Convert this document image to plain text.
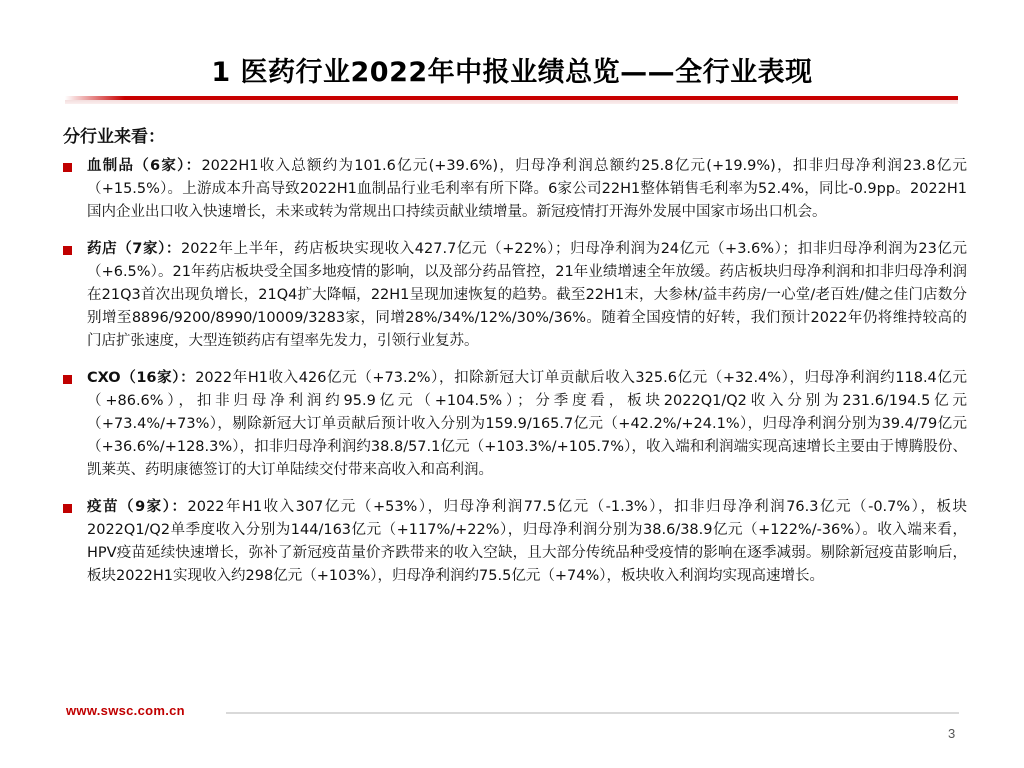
1 医药行业2022年中报业绩总览——全行业表现
分行业来看：
血制品（6家）：2022H1收入总额约为101.6亿元(+39.6%)，归母净利润总额约25.8亿元(+19.9%)，扣非归母净利润23.8亿元（+15.5%）。上游成本升高导致2022H1血制品行业毛利率有所下降。6家公司22H1整体销售毛利率为52.4%，同比-0.9pp。2022H1国内企业出口收入快速增长，未来或转为常规出口持续贡献业绩增量。新冠疫情打开海外发展中国家市场出口机会。
药店（7家）：2022年上半年，药店板块实现收入427.7亿元（+22%）；归母净利润为24亿元（+3.6%）；扣非归母净利润为23亿元（+6.5%）。21年药店板块受全国多地疫情的影响，以及部分药品管控，21年业绩增速全年放缓。药店板块归母净利润和扣非归母净利润在21Q3首次出现负增长，21Q4扩大降幅，22H1呈现加速恢复的趋势。截至22H1末，大参林/益丰药房/一心堂/老百姓/健之佳门店数分别增至8896/9200/8990/10009/3283家，同增28%/34%/12%/30%/36%。随着全国疫情的好转，我们预计2022年仍将维持较高的门店扩张速度，大型连锁药店有望率先发力，引领行业复苏。
CXO（16家）：2022年H1收入426亿元（+73.2%），扣除新冠大订单贡献后收入325.6亿元（+32.4%），归母净利润约118.4亿元（+86.6%），扣非归母净利润约95.9亿元（+104.5%）；分季度看，板块2022Q1/Q2收入分别为231.6/194.5亿元（+73.4%/+73%），剔除新冠大订单贡献后预计收入分别为159.9/165.7亿元（+42.2%/+24.1%），归母净利润分别为39.4/79亿元（+36.6%/+128.3%），扣非归母净利润约38.8/57.1亿元（+103.3%/+105.7%），收入端和利润端实现高速增长主要由于博腾股份、凯莱英、药明康德签订的大订单陆续交付带来高收入和高利润。
疫苗（9家）：2022年H1收入307亿元（+53%），归母净利润77.5亿元（-1.3%），扣非归母净利润76.3亿元（-0.7%），板块2022Q1/Q2单季度收入分别为144/163亿元（+117%/+22%），归母净利润分别为38.6/38.9亿元（+122%/-36%）。收入端来看，HPV疫苗延续快速增长，弥补了新冠疫苗量价齐跌带来的收入空缺，且大部分传统品种受疫情的影响在逐季减弱。剔除新冠疫苗影响后，板块2022H1实现收入约298亿元（+103%），归母净利润约75.5亿元（+74%），板块收入利润均实现高速增长。
www.swsc.com.cn
3
